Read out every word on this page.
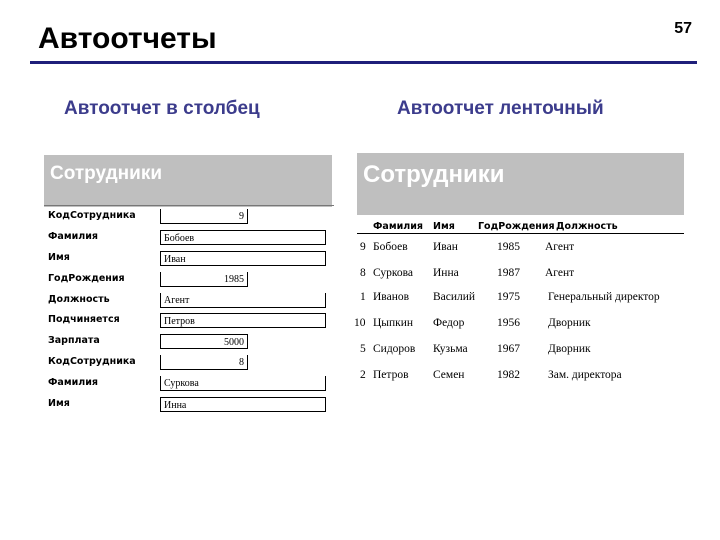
Автоотчеты	57
Автоотчет в столбец	Автоотчет ленточный
Сотрудники
КодСотрудника	9
Фамилия	Бобоев
Имя	Иван
ГодРождения	1985
Должность	Агент
Подчиняется	Петров
Зарплата	5000
КодСотрудника	8
Фамилия	Суркова
Имя	Инна
Сотрудники
Фамилия Имя ГодРождения Должность
9 Бобоев Иван	1985 Агент
8 Суркова Инна	1987 Агент
1 Иванов Василий 1975 Генеральный директор
10 Цыпкин Федор	1956 Дворник
5 Сидоров Кузьма	1967 Дворник
2 Петров Семен	1982 Зам. директора
